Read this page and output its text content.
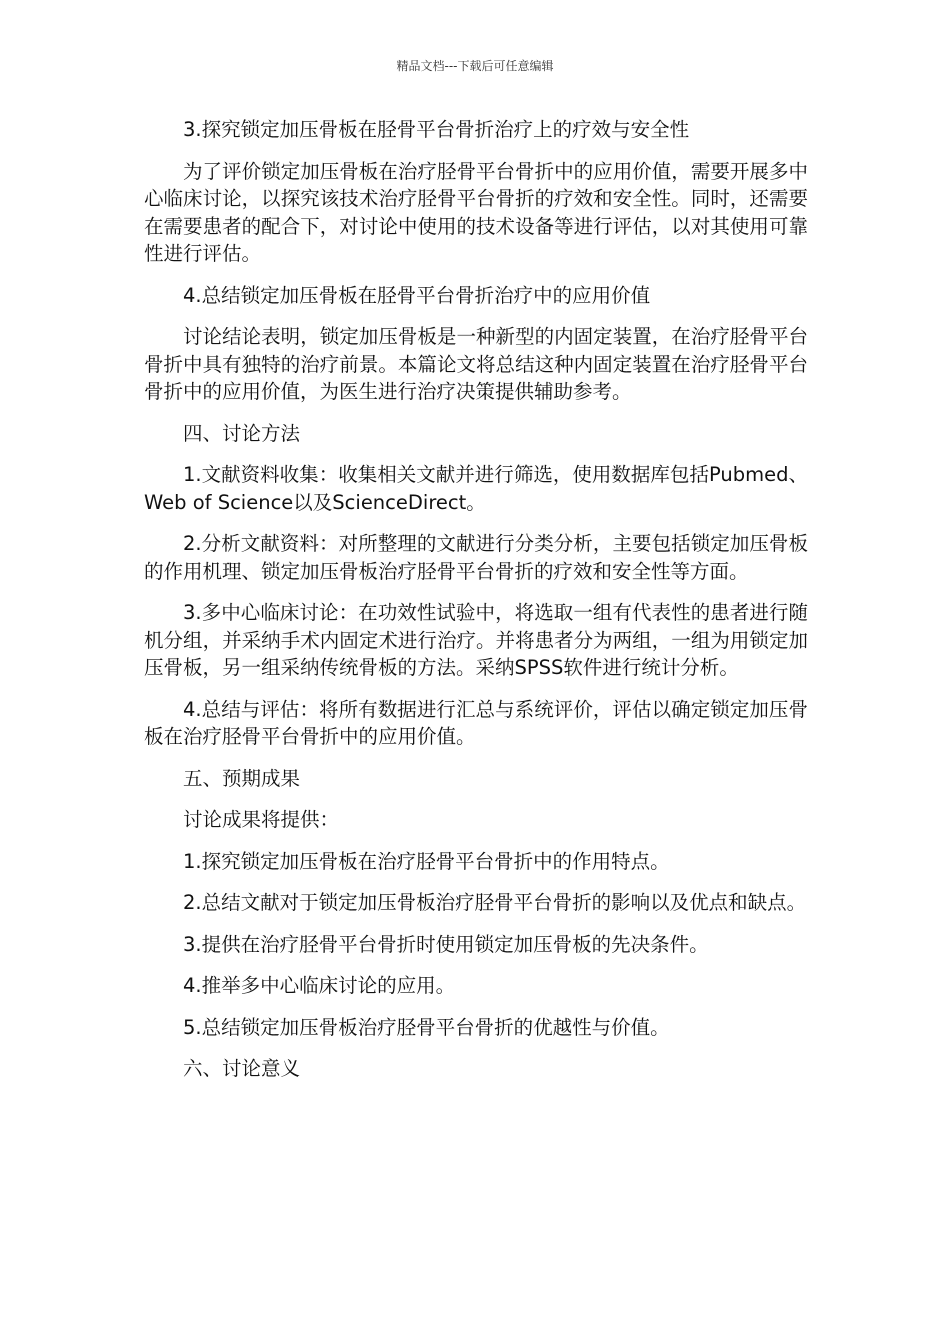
精品文档---下载后可任意编辑

3.探究锁定加压骨板在胫骨平台骨折治疗上的疗效与安全性

为了评价锁定加压骨板在治疗胫骨平台骨折中的应用价值，需要开展多中心临床讨论，以探究该技术治疗胫骨平台骨折的疗效和安全性。同时，还需要在需要患者的配合下，对讨论中使用的技术设备等进行评估，以对其使用可靠性进行评估。

4.总结锁定加压骨板在胫骨平台骨折治疗中的应用价值

讨论结论表明，锁定加压骨板是一种新型的内固定装置，在治疗胫骨平台骨折中具有独特的治疗前景。本篇论文将总结这种内固定装置在治疗胫骨平台骨折中的应用价值，为医生进行治疗决策提供辅助参考。

四、讨论方法

1.文献资料收集：收集相关文献并进行筛选，使用数据库包括Pubmed、Web of Science以及ScienceDirect。

2.分析文献资料：对所整理的文献进行分类分析，主要包括锁定加压骨板的作用机理、锁定加压骨板治疗胫骨平台骨折的疗效和安全性等方面。

3.多中心临床讨论：在功效性试验中，将选取一组有代表性的患者进行随机分组，并采纳手术内固定术进行治疗。并将患者分为两组，一组为用锁定加压骨板，另一组采纳传统骨板的方法。采纳SPSS软件进行统计分析。

4.总结与评估：将所有数据进行汇总与系统评价，评估以确定锁定加压骨板在治疗胫骨平台骨折中的应用价值。

五、预期成果

讨论成果将提供：

1.探究锁定加压骨板在治疗胫骨平台骨折中的作用特点。

2.总结文献对于锁定加压骨板治疗胫骨平台骨折的影响以及优点和缺点。

3.提供在治疗胫骨平台骨折时使用锁定加压骨板的先决条件。

4.推举多中心临床讨论的应用。

5.总结锁定加压骨板治疗胫骨平台骨折的优越性与价值。

六、讨论意义
